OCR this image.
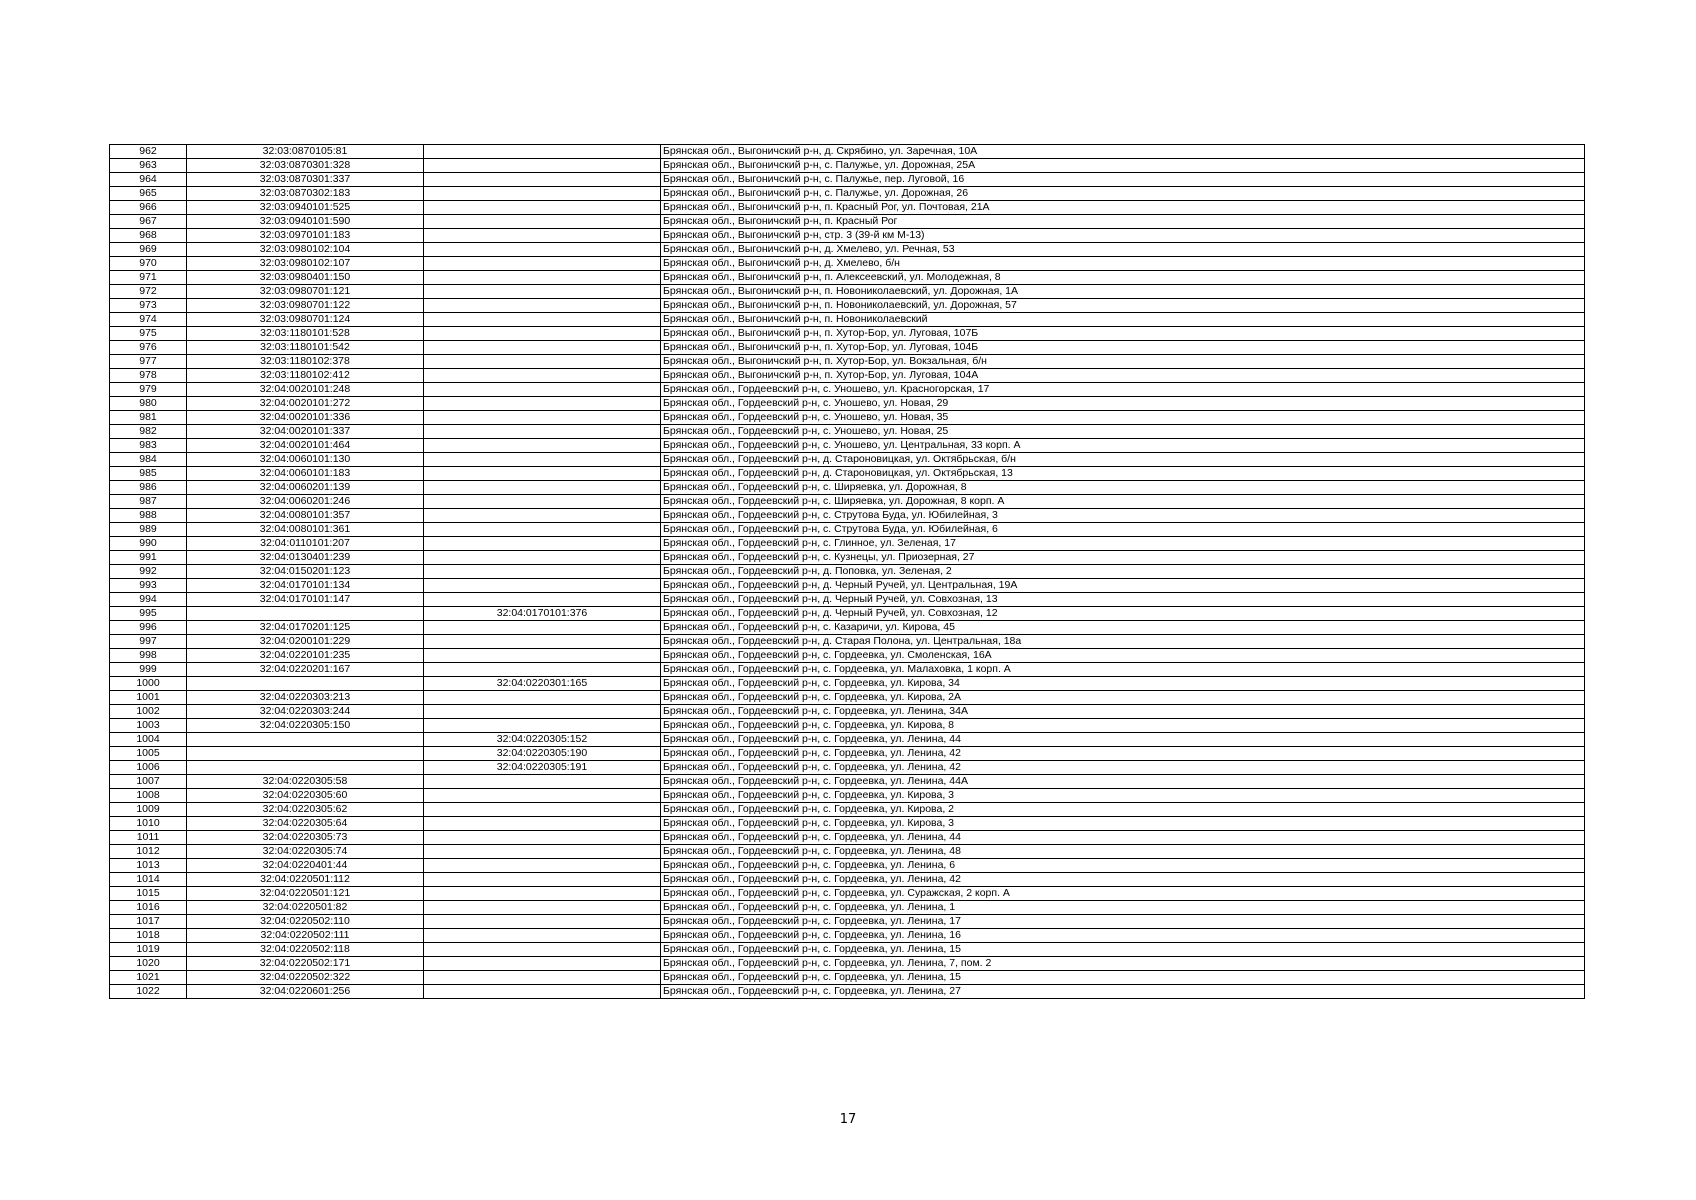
962	32:03:0870105:81		Брянская обл., Выгоничский р-н, д. Скрябино, ул. Заречная, 10А
963	32:03:0870301:328		Брянская обл., Выгоничский р-н, с. Палужье, ул. Дорожная, 25А
964	32:03:0870301:337		Брянская обл., Выгоничский р-н, с. Палужье, пер. Луговой, 16
965	32:03:0870302:183		Брянская обл., Выгоничский р-н, с. Палужье, ул. Дорожная, 26
966	32:03:0940101:525		Брянская обл., Выгоничский р-н, п. Красный Рог, ул. Почтовая, 21А
967	32:03:0940101:590		Брянская обл., Выгоничский р-н, п. Красный Рог
968	32:03:0970101:183		Брянская обл., Выгоничский р-н, стр. 3 (39-й км М-13)
969	32:03:0980102:104		Брянская обл., Выгоничский р-н, д. Хмелево, ул. Речная, 53
970	32:03:0980102:107		Брянская обл., Выгоничский р-н, д. Хмелево, б/н
971	32:03:0980401:150		Брянская обл., Выгоничский р-н, п. Алексеевский, ул. Молодежная, 8
972	32:03:0980701:121		Брянская обл., Выгоничский р-н, п. Новониколаевский, ул. Дорожная, 1А
973	32:03:0980701:122		Брянская обл., Выгоничский р-н, п. Новониколаевский, ул. Дорожная, 57
974	32:03:0980701:124		Брянская обл., Выгоничский р-н, п. Новониколаевский
975	32:03:1180101:528		Брянская обл., Выгоничский р-н, п. Хутор-Бор, ул. Луговая, 107Б
976	32:03:1180101:542		Брянская обл., Выгоничский р-н, п. Хутор-Бор, ул. Луговая, 104Б
977	32:03:1180102:378		Брянская обл., Выгоничский р-н, п. Хутор-Бор, ул. Вокзальная, б/н
978	32:03:1180102:412		Брянская обл., Выгоничский р-н, п. Хутор-Бор, ул. Луговая, 104А
979	32:04:0020101:248		Брянская обл., Гордеевский р-н, с. Уношево, ул. Красногорская, 17
980	32:04:0020101:272		Брянская обл., Гордеевский р-н, с. Уношево, ул. Новая, 29
981	32:04:0020101:336		Брянская обл., Гордеевский р-н, с. Уношево, ул. Новая, 35
982	32:04:0020101:337		Брянская обл., Гордеевский р-н, с. Уношево, ул. Новая, 25
983	32:04:0020101:464		Брянская обл., Гордеевский р-н, с. Уношево, ул. Центральная, 33 корп. А
984	32:04:0060101:130		Брянская обл., Гордеевский р-н, д. Староновицкая, ул. Октябрьская, б/н
985	32:04:0060101:183		Брянская обл., Гордеевский р-н, д. Староновицкая, ул. Октябрьская, 13
986	32:04:0060201:139		Брянская обл., Гордеевский р-н, с. Ширяевка, ул. Дорожная, 8
987	32:04:0060201:246		Брянская обл., Гордеевский р-н, с. Ширяевка, ул. Дорожная, 8 корп. А
988	32:04:0080101:357		Брянская обл., Гордеевский р-н, с. Струтова Буда, ул. Юбилейная, 3
989	32:04:0080101:361		Брянская обл., Гордеевский р-н, с. Струтова Буда, ул. Юбилейная, 6
990	32:04:0110101:207		Брянская обл., Гордеевский р-н, с. Глинное, ул. Зеленая, 17
991	32:04:0130401:239		Брянская обл., Гордеевский р-н, с. Кузнецы, ул. Приозерная, 27
992	32:04:0150201:123		Брянская обл., Гордеевский р-н, д. Поповка, ул. Зеленая, 2
993	32:04:0170101:134		Брянская обл., Гордеевский р-н, д. Черный Ручей, ул. Центральная, 19А
994	32:04:0170101:147		Брянская обл., Гордеевский р-н, д. Черный Ручей, ул. Совхозная, 13
995		32:04:0170101:376	Брянская обл., Гордеевский р-н, д. Черный Ручей, ул. Совхозная, 12
996	32:04:0170201:125		Брянская обл., Гордеевский р-н, с. Казаричи, ул. Кирова, 45
997	32:04:0200101:229		Брянская обл., Гордеевский р-н, д. Старая Полона, ул. Центральная, 18а
998	32:04:0220101:235		Брянская обл., Гордеевский р-н, с. Гордеевка, ул. Смоленская, 16А
999	32:04:0220201:167		Брянская обл., Гордеевский р-н, с. Гордеевка, ул. Малаховка, 1 корп. А
1000		32:04:0220301:165	Брянская обл., Гордеевский р-н, с. Гордеевка, ул. Кирова, 34
1001	32:04:0220303:213		Брянская обл., Гордеевский р-н, с. Гордеевка, ул. Кирова, 2А
1002	32:04:0220303:244		Брянская обл., Гордеевский р-н, с. Гордеевка, ул. Ленина, 34А
1003	32:04:0220305:150		Брянская обл., Гордеевский р-н, с. Гордеевка, ул. Кирова, 8
1004		32:04:0220305:152	Брянская обл., Гордеевский р-н, с. Гордеевка, ул. Ленина, 44
1005		32:04:0220305:190	Брянская обл., Гордеевский р-н, с. Гордеевка, ул. Ленина, 42
1006		32:04:0220305:191	Брянская обл., Гордеевский р-н, с. Гордеевка, ул. Ленина, 42
1007	32:04:0220305:58		Брянская обл., Гордеевский р-н, с. Гордеевка, ул. Ленина, 44А
1008	32:04:0220305:60		Брянская обл., Гордеевский р-н, с. Гордеевка, ул. Кирова, 3
1009	32:04:0220305:62		Брянская обл., Гордеевский р-н, с. Гордеевка, ул. Кирова, 2
1010	32:04:0220305:64		Брянская обл., Гордеевский р-н, с. Гордеевка, ул. Кирова, 3
1011	32:04:0220305:73		Брянская обл., Гордеевский р-н, с. Гордеевка, ул. Ленина, 44
1012	32:04:0220305:74		Брянская обл., Гордеевский р-н, с. Гордеевка, ул. Ленина, 48
1013	32:04:0220401:44		Брянская обл., Гордеевский р-н, с. Гордеевка, ул. Ленина, 6
1014	32:04:0220501:112		Брянская обл., Гордеевский р-н, с. Гордеевка, ул. Ленина, 42
1015	32:04:0220501:121		Брянская обл., Гордеевский р-н, с. Гордеевка, ул. Суражская, 2 корп. А
1016	32:04:0220501:82		Брянская обл., Гордеевский р-н, с. Гордеевка, ул. Ленина, 1
1017	32:04:0220502:110		Брянская обл., Гордеевский р-н, с. Гордеевка, ул. Ленина, 17
1018	32:04:0220502:111		Брянская обл., Гордеевский р-н, с. Гордеевка, ул. Ленина, 16
1019	32:04:0220502:118		Брянская обл., Гордеевский р-н, с. Гордеевка, ул. Ленина, 15
1020	32:04:0220502:171		Брянская обл., Гордеевский р-н, с. Гордеевка, ул. Ленина, 7, пом. 2
1021	32:04:0220502:322		Брянская обл., Гордеевский р-н, с. Гордеевка, ул. Ленина, 15
1022	32:04:0220601:256		Брянская обл., Гордеевский р-н, с. Гордеевка, ул. Ленина, 27
17
